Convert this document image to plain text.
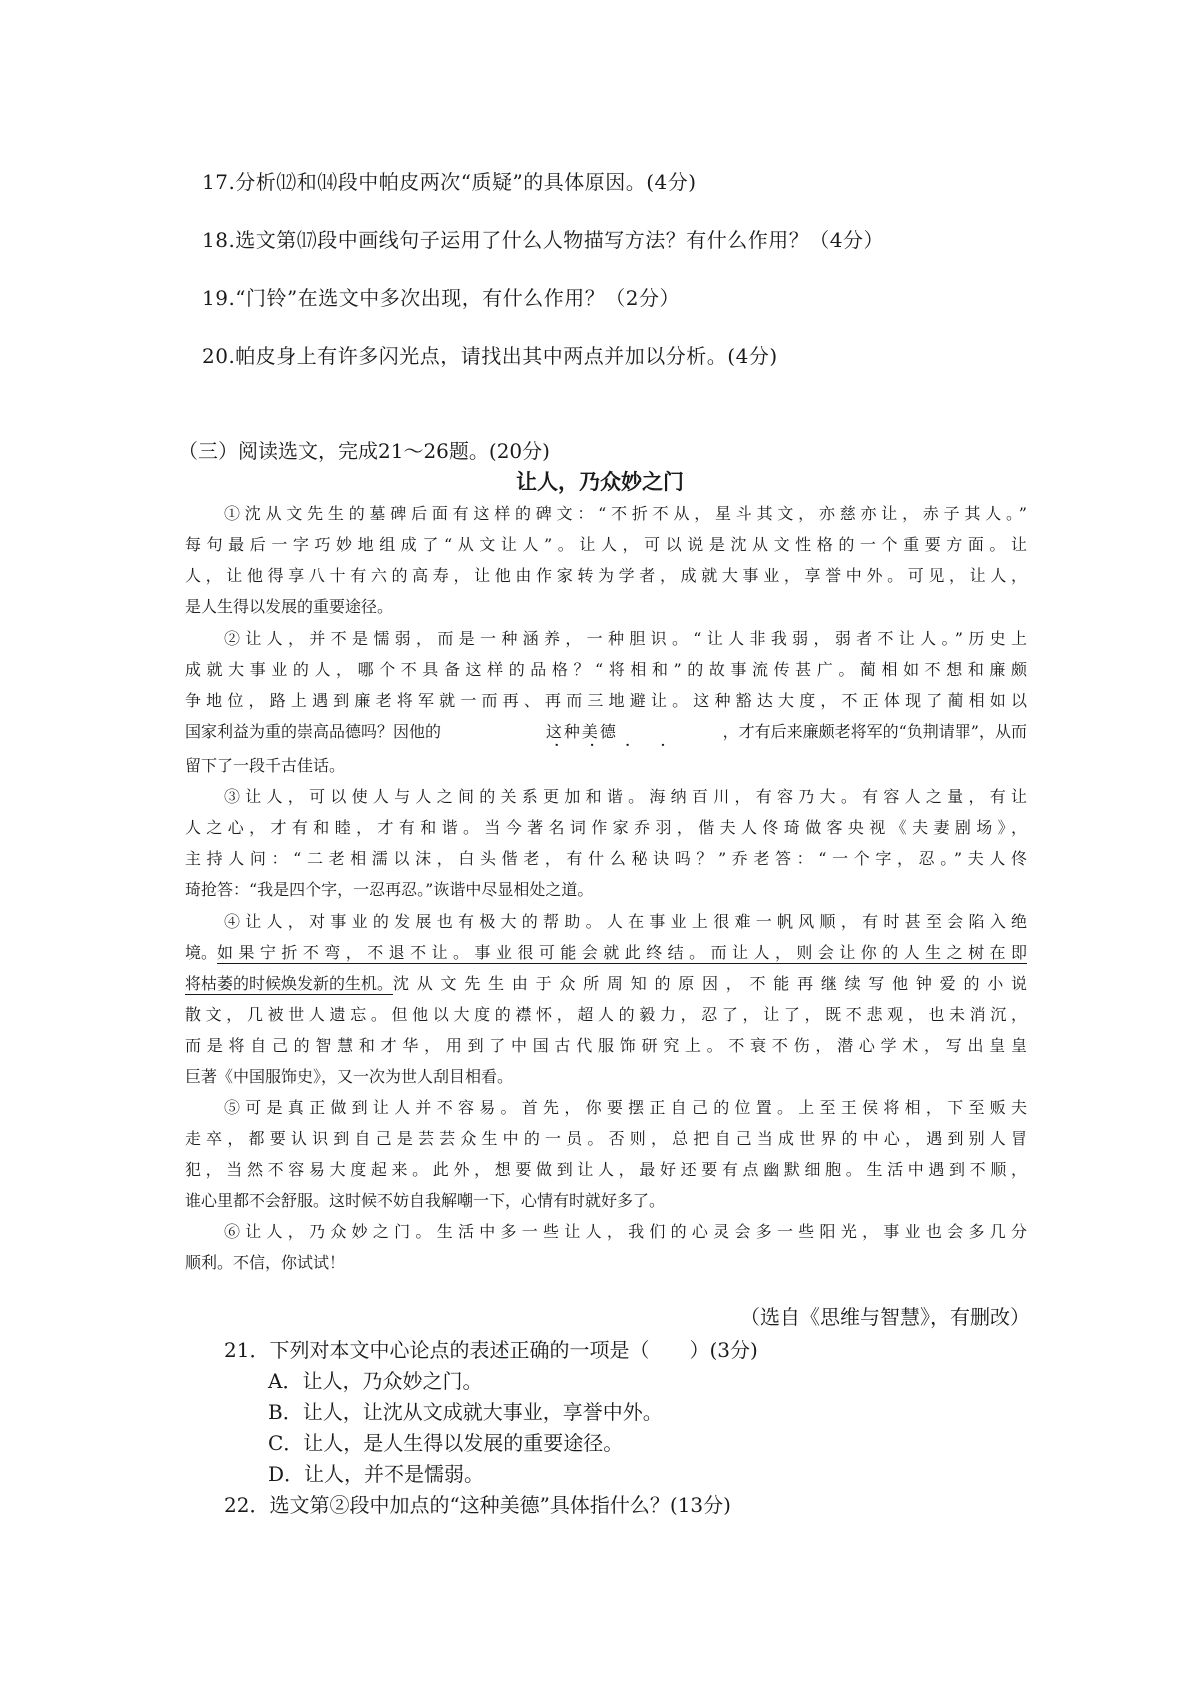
17.分析⑿和⒁段中帕皮两次“质疑”的具体原因。(4分)
18.选文第⒄段中画线句子运用了什么人物描写方法？有什么作用？（4分）
19.“门铃”在选文中多次出现，有什么作用？（2分）
20.帕皮身上有许多闪光点，请找出其中两点并加以分析。(4分)
（三）阅读选文，完成21～26题。(20分)
让人，乃众妙之门
①沈从文先生的墓碑后面有这样的碑文：“不折不从，星斗其文，亦慈亦让，赤子其人。”
每句最后一字巧妙地组成了“从文让人”。让人，可以说是沈从文性格的一个重要方面。让
人，让他得享八十有六的高寿，让他由作家转为学者，成就大事业，享誉中外。可见，让人，
是人生得以发展的重要途径。
②让人，并不是懦弱，而是一种涵养，一种胆识。“让人非我弱，弱者不让人。”历史上
成就大事业的人，哪个不具备这样的品格？“将相和”的故事流传甚广。蔺相如不想和廉颇
争地位，路上遇到廉老将军就一而再、再而三地避让。这种豁达大度，不正体现了蔺相如以
国家利益为重的崇高品德吗？因他的	这种美德
· · · ·
，才有后来廉颇老将军的“负荆请罪”，从而
留下了一段千古佳话。
③让人，可以使人与人之间的关系更加和谐。海纳百川，有容乃大。有容人之量，有让
人之心，才有和睦，才有和谐。当今著名词作家乔羽，偕夫人佟琦做客央视《夫妻剧场》，
主持人问：“二老相濡以沫，白头偕老，有什么秘诀吗？”乔老答：“一个字，忍。”夫人佟
琦抢答：“我是四个字，一忍再忍。”诙谐中尽显相处之道。
④让人，对事业的发展也有极大的帮助。人在事业上很难一帆风顺，有时甚至会陷入绝
境。 如果宁折不弯，不退不让。事业很可能会就此终结。而让人，则会让你的人生之树在即
将枯萎的时候焕发新的生机。 沈从文先生由于众所周知的原因，不能再继续写他钟爱的小说
散文，几被世人遗忘。但他以大度的襟怀，超人的毅力，忍了，让了，既不悲观，也未消沉，
而是将自己的智慧和才华，用到了中国古代服饰研究上。不衰不伤，潜心学术，写出皇皇
巨著《中国服饰史》，又一次为世人刮目相看。
⑤可是真正做到让人并不容易。首先，你要摆正自己的位置。上至王侯将相，下至贩夫
走卒，都要认识到自己是芸芸众生中的一员。否则，总把自己当成世界的中心，遇到别人冒
犯，当然不容易大度起来。此外，想要做到让人，最好还要有点幽默细胞。生活中遇到不顺，
谁心里都不会舒服。这时候不妨自我解嘲一下，心情有时就好多了。
⑥让人，乃众妙之门。生活中多一些让人，我们的心灵会多一些阳光，事业也会多几分
顺利。不信，你试试！
（选自《思维与智慧》，有删改）
21．下列对本文中心论点的表述正确的一项是（　　）(3分)
A．让人，乃众妙之门。
B．让人，让沈从文成就大事业，享誉中外。
C．让人，是人生得以发展的重要途径。
D．让人，并不是懦弱。
22．选文第②段中加点的“这种美德”具体指什么？(13分)
